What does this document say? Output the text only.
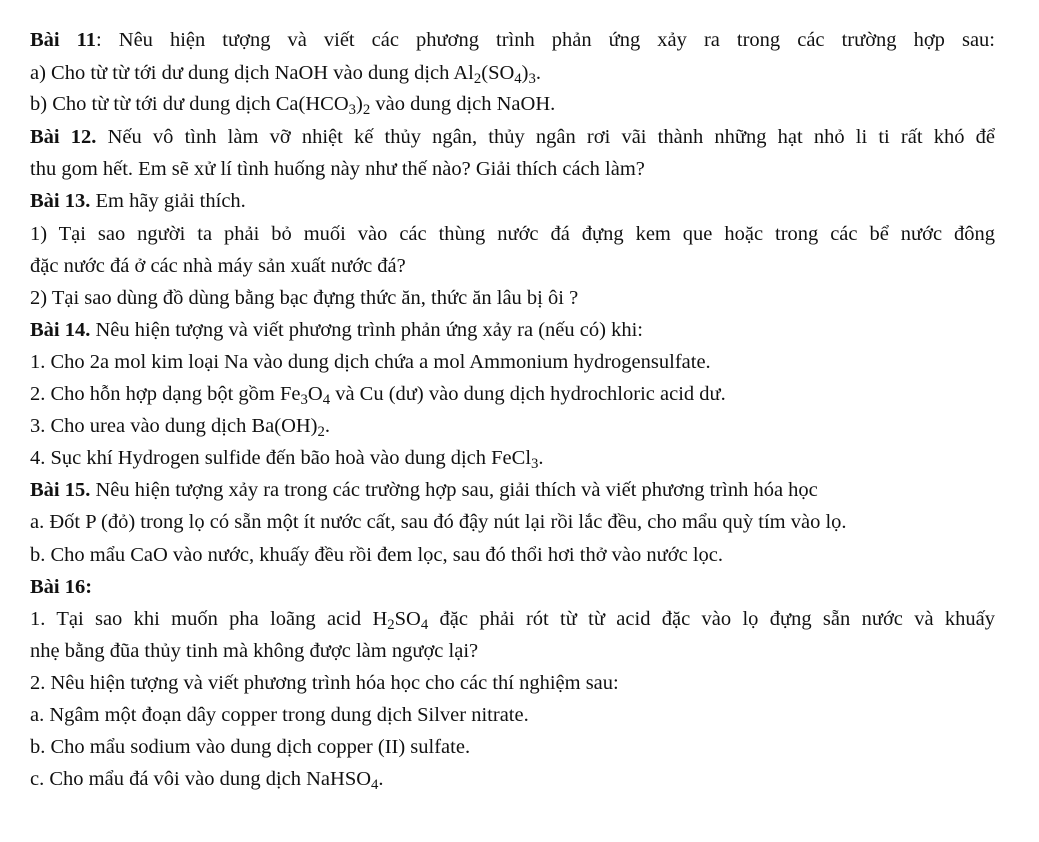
Bài 11: Nêu hiện tượng và viết các phương trình phản ứng xảy ra trong các trường hợp sau:
a) Cho từ từ tới dư dung dịch NaOH vào dung dịch $Al_2(SO_4)_3$.
b) Cho từ từ tới dư dung dịch $Ca(HCO_3)_2$ vào dung dịch NaOH.
Bài 12. Nếu vô tình làm vỡ nhiệt kế thủy ngân, thủy ngân rơi vãi thành những hạt nhỏ li ti rất khó để
thu gom hết. Em sẽ xử lí tình huống này như thế nào? Giải thích cách làm?
Bài 13. Em hãy giải thích.
1) Tại sao người ta phải bỏ muối vào các thùng nước đá đựng kem que hoặc trong các bể nước đông
đặc nước đá ở các nhà máy sản xuất nước đá?
2) Tại sao dùng đồ dùng bằng bạc đựng thức ăn, thức ăn lâu bị ôi ?
Bài 14. Nêu hiện tượng và viết phương trình phản ứng xảy ra (nếu có) khi:
1. Cho 2a mol kim loại Na vào dung dịch chứa a mol Ammonium hydrogensulfate.
2. Cho hỗn hợp dạng bột gồm $Fe_3O_4$ và Cu (dư) vào dung dịch hydrochloric acid dư.
3. Cho urea vào dung dịch $Ba(OH)_2$.
4. Sục khí Hydrogen sulfide đến bão hoà vào dung dịch FeCl$_3$.
Bài 15. Nêu hiện tượng xảy ra trong các trường hợp sau, giải thích và viết phương trình hóa học
a. Đốt P (đỏ) trong lọ có sẵn một ít nước cất, sau đó đậy nút lại rồi lắc đều, cho mẩu quỳ tím vào lọ.
b. Cho mẩu CaO vào nước, khuấy đều rồi đem lọc, sau đó thổi hơi thở vào nước lọc.
Bài 16:
1. Tại sao khi muốn pha loãng acid $H_2SO_4$ đặc phải rót từ từ acid đặc vào lọ đựng sẵn nước và khuấy
nhẹ bằng đũa thủy tinh mà không được làm ngược lại?
2. Nêu hiện tượng và viết phương trình hóa học cho các thí nghiệm sau:
a. Ngâm một đoạn dây copper trong dung dịch Silver nitrate.
b. Cho mẩu sodium vào dung dịch copper (II) sulfate.
c. Cho mẩu đá vôi vào dung dịch NaHSO$_4$.
